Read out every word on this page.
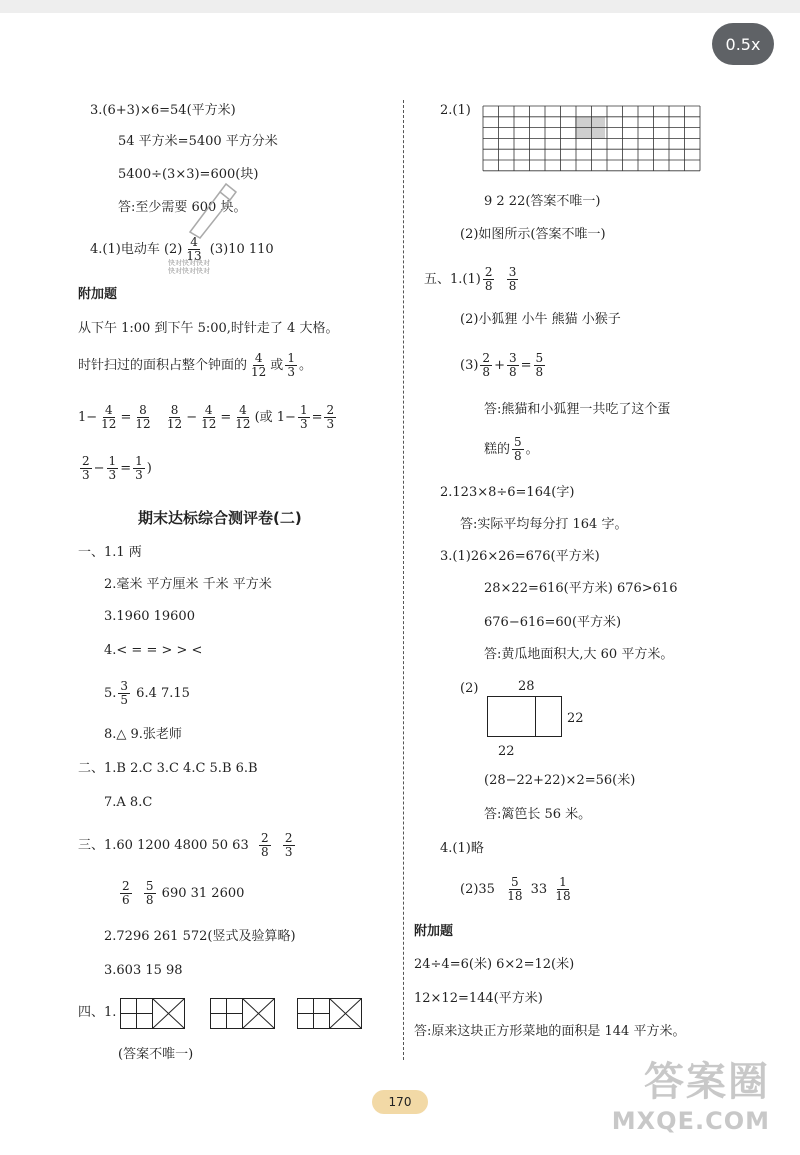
0.5x
3.(6+3)×6=54(平方米)
54 平方米=5400 平方分米
5400÷(3×3)=600(块)
答:至少需要 600 块。
4.(1)电动车 $(2) \frac{4}{13} (3)10$ 110
快对快对快对
快对快对快对
附加题
从下午 1:00 到下午 5:00,时针走了 4 大格。
时针扫过的面积占整个钟面的 $\frac{4}{12}$ 或 $\frac{1}{3}$ 。
$1- \frac{4}{12} = \frac{8}{12}$
$\frac{8}{12} - \frac{4}{12} = \frac{4}{12}$ (或 $1- \frac{1}{3} = \frac{2}{3}$
$\frac{2}{3} - \frac{1}{3} = \frac{1}{3}$ )
期末达标综合测评卷(二)
一、1.1 两
2.毫米 平方厘米 千米 平方米
3.1960 19600
4.< = = > > <
5. $\frac{3}{5} 6.4$ 7.15
8.△ 9.张老师
二、1.B 2.C 3.C 4.C 5.B 6.B
7.A 8.C
三、1.60 1200 4800 50 $63 \frac{2}{8}$
$\frac{2}{3}$
$\frac{2}{6}$
$\frac{5}{8} 690$ 31 2600
2.7296 261 572(竖式及验算略)
3.603 15 98
四、1.
(答案不唯一)
2.(1)
9 2 22(答案不唯一)
(2)如图所示(答案不唯一)
五、$1.(1) \frac{2}{8}$
$\frac{3}{8}$
(2)小狐狸 小牛 熊猫 小猴子
$(3) \frac{2}{8} + \frac{3}{8} = \frac{5}{8}$
答:熊猫和小狐狸一共吃了这个蛋
糕的 $\frac{5}{8}$ 。
2.123×8÷6=164(字)
答:实际平均每分打 164 字。
3.(1)26×26=676(平方米)
28×22=616(平方米) 676>616
676−616=60(平方米)
答:黄瓜地面积大,大 60 平方米。
(2)	28
22
22
(28−22+22)×2=56(米)
答:篱笆长 56 米。
4.(1)略
$(2)35 \frac{5}{18} 33 \frac{1}{18}$
附加题
24÷4=6(米) 6×2=12(米)
12×12=144(平方米)
答:原来这块正方形菜地的面积是 144 平方米。
170	答案圈
MXQE.COM
